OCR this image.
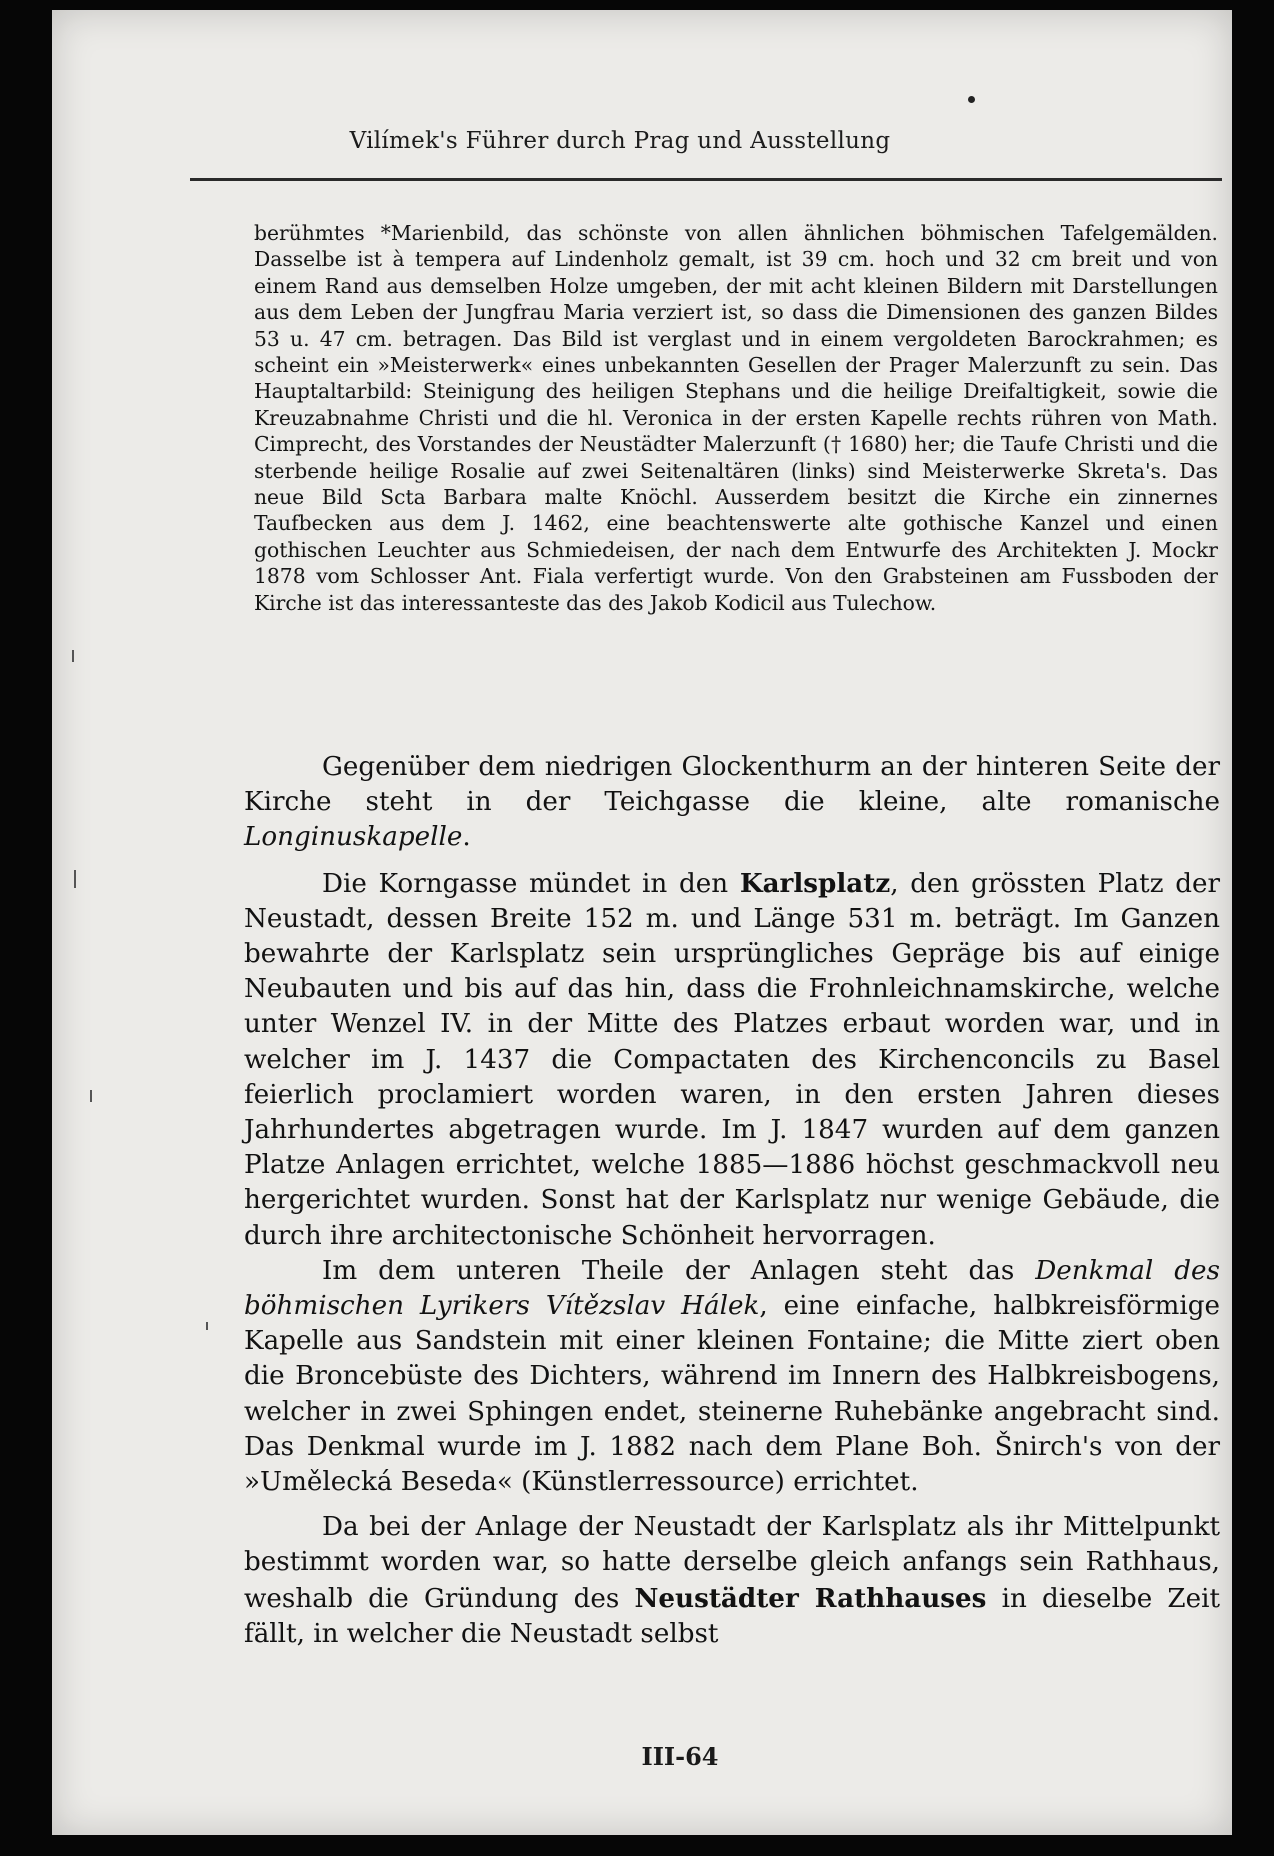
Vilímek's Führer durch Prag und Ausstellung

berühmtes *Marienbild, das schönste von allen ähnlichen böhmischen Tafelgemälden. Dasselbe ist à tempera auf Lindenholz gemalt, ist 39 cm. hoch und 32 cm breit und von einem Rand aus demselben Holze umgeben, der mit acht kleinen Bildern mit Darstellungen aus dem Leben der Jungfrau Maria verziert ist, so dass die Dimensionen des ganzen Bildes 53 u. 47 cm. betragen. Das Bild ist verglast und in einem vergoldeten Barockrahmen; es scheint ein »Meisterwerk« eines unbekannten Gesellen der Prager Malerzunft zu sein. Das Hauptaltarbild: Steinigung des heiligen Stephans und die heilige Dreifaltigkeit, sowie die Kreuzabnahme Christi und die hl. Veronica in der ersten Kapelle rechts rühren von Math. Cimprecht, des Vorstandes der Neustädter Malerzunft († 1680) her; die Taufe Christi und die sterbende heilige Rosalie auf zwei Seitenaltären (links) sind Meisterwerke Skreta's. Das neue Bild Scta Barbara malte Knöchl. Ausserdem besitzt die Kirche ein zinnernes Taufbecken aus dem J. 1462, eine beachtenswerte alte gothische Kanzel und einen gothischen Leuchter aus Schmiedeisen, der nach dem Entwurfe des Architekten J. Mockr 1878 vom Schlosser Ant. Fiala verfertigt wurde. Von den Grabsteinen am Fussboden der Kirche ist das interessanteste das des Jakob Kodicil aus Tulechow.

Gegenüber dem niedrigen Glockenthurm an der hinteren Seite der Kirche steht in der Teichgasse die kleine, alte romanische Longinuskapelle.

Die Korngasse mündet in den Karlsplatz, den grössten Platz der Neustadt, dessen Breite 152 m. und Länge 531 m. beträgt. Im Ganzen bewahrte der Karlsplatz sein ursprüngliches Gepräge bis auf einige Neubauten und bis auf das hin, dass die Frohnleichnamskirche, welche unter Wenzel IV. in der Mitte des Platzes erbaut worden war, und in welcher im J. 1437 die Compactaten des Kirchenconcils zu Basel feierlich proclamiert worden waren, in den ersten Jahren dieses Jahrhundertes abgetragen wurde. Im J. 1847 wurden auf dem ganzen Platze Anlagen errichtet, welche 1885—1886 höchst geschmackvoll neu hergerichtet wurden. Sonst hat der Karlsplatz nur wenige Gebäude, die durch ihre architectonische Schönheit hervorragen.

Im dem unteren Theile der Anlagen steht das Denkmal des böhmischen Lyrikers Vítězslav Hálek, eine einfache, halbkreisförmige Kapelle aus Sandstein mit einer kleinen Fontaine; die Mitte ziert oben die Broncebüste des Dichters, während im Innern des Halbkreisbogens, welcher in zwei Sphingen endet, steinerne Ruhebänke angebracht sind. Das Denkmal wurde im J. 1882 nach dem Plane Boh. Šnirch's von der »Umělecká Beseda« (Künstlerressource) errichtet.

Da bei der Anlage der Neustadt der Karlsplatz als ihr Mittelpunkt bestimmt worden war, so hatte derselbe gleich anfangs sein Rathhaus, weshalb die Gründung des Neustädter Rathhauses in dieselbe Zeit fällt, in welcher die Neustadt selbst

III-64
